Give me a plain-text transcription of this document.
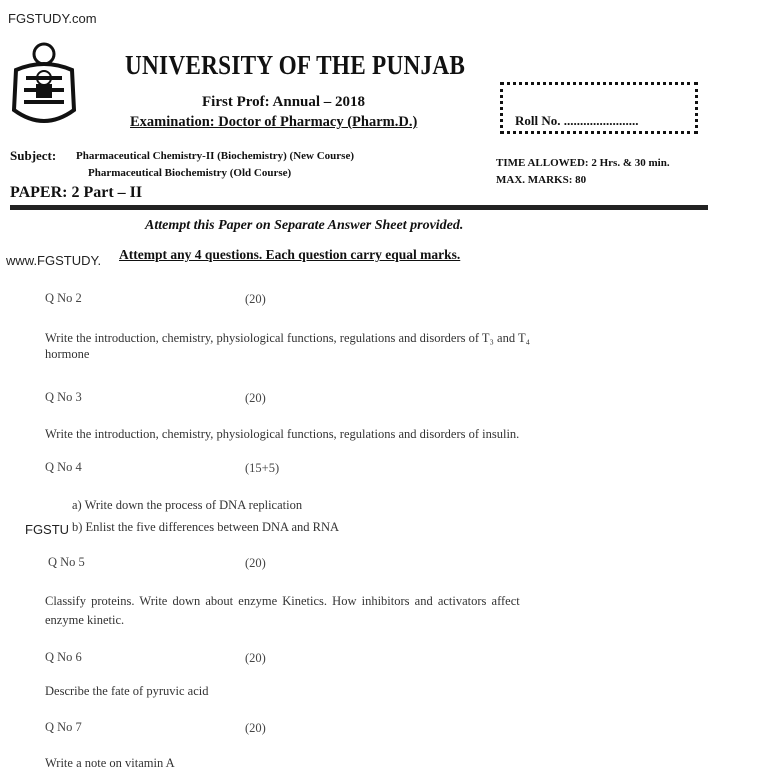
FGSTUDY.com
UNIVERSITY OF THE PUNJAB
First Prof: Annual – 2018
Examination: Doctor of Pharmacy (Pharm.D.)	Roll No. .......................
Subject: Pharmaceutical Chemistry-II (Biochemistry) (New Course)
Pharmaceutical Biochemistry (Old Course)
TIME ALLOWED: 2 Hrs. & 30 min.
MAX. MARKS: 80
PAPER: 2 Part – II
Attempt this Paper on Separate Answer Sheet provided.
www.FGSTUDY. Attempt any 4 questions. Each question carry equal marks.
Q No 2	(20)
Write the introduction, chemistry, physiological functions, regulations and disorders of T₃ and T₄
hormone
Q No 3	(20)
Write the introduction, chemistry, physiological functions, regulations and disorders of insulin.
Q No 4	(15+5)
a) Write down the process of DNA replication
FGSTU b) Enlist the five differences between DNA and RNA
Q No 5	(20)
Classify proteins. Write down about enzyme Kinetics. How inhibitors and activators affect
enzyme kinetic.
Q No 6	(20)
Describe the fate of pyruvic acid
Q No 7	(20)
Write a note on vitamin A
